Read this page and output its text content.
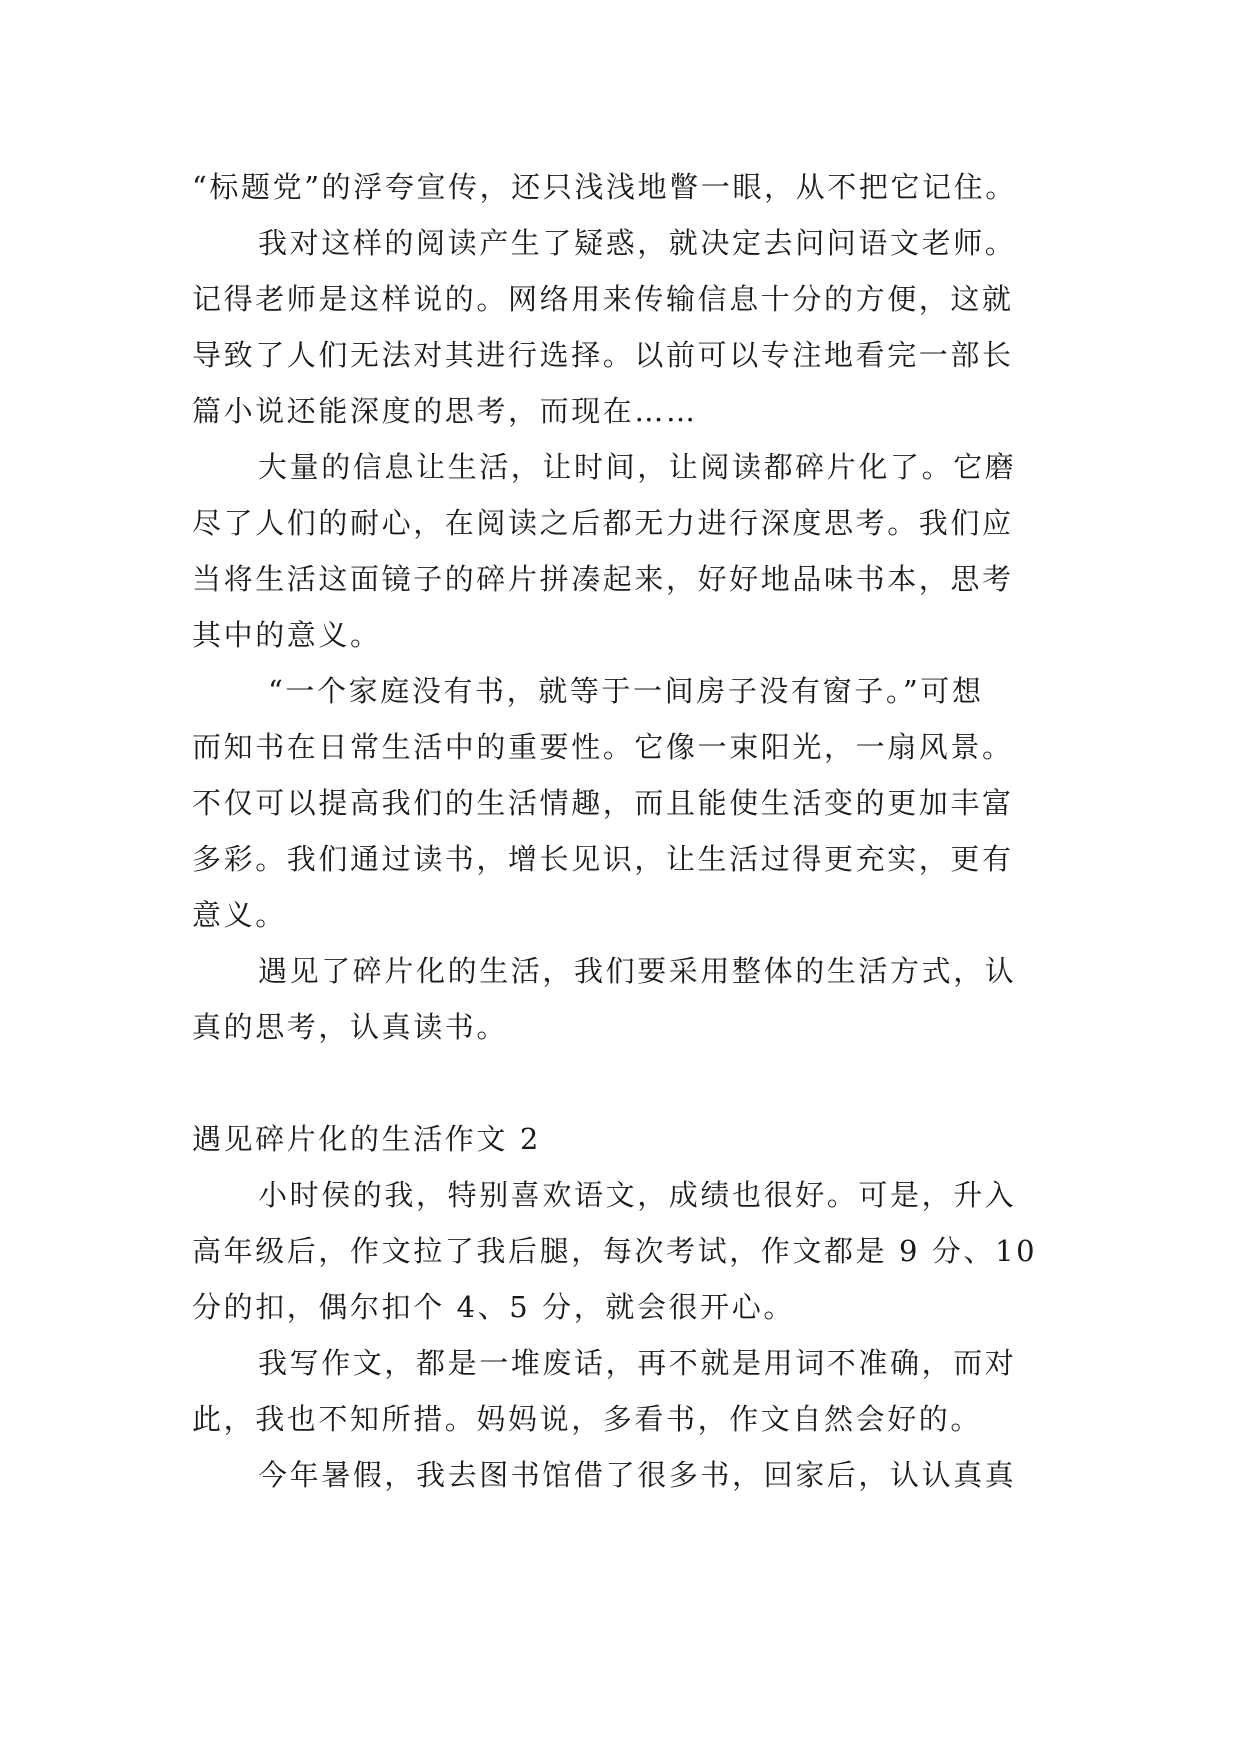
“标题党”的浮夸宣传，还只浅浅地瞥一眼，从不把它记住。

我对这样的阅读产生了疑惑，就决定去问问语文老师。

记得老师是这样说的。网络用来传输信息十分的方便，这就

导致了人们无法对其进行选择。以前可以专注地看完一部长

篇小说还能深度的思考，而现在……

大量的信息让生活，让时间，让阅读都碎片化了。它磨

尽了人们的耐心，在阅读之后都无力进行深度思考。我们应

当将生活这面镜子的碎片拼凑起来，好好地品味书本，思考

其中的意义。

“一个家庭没有书，就等于一间房子没有窗子。”可想

而知书在日常生活中的重要性。它像一束阳光，一扇风景。

不仅可以提高我们的生活情趣，而且能使生活变的更加丰富

多彩。我们通过读书，增长见识，让生活过得更充实，更有

意义。

遇见了碎片化的生活，我们要采用整体的生活方式，认

真的思考，认真读书。

遇见碎片化的生活作文 2

小时侯的我，特别喜欢语文，成绩也很好。可是，升入

高年级后，作文拉了我后腿，每次考试，作文都是 9 分、10

分的扣，偶尔扣个 4、5 分，就会很开心。

我写作文，都是一堆废话，再不就是用词不准确，而对

此，我也不知所措。妈妈说，多看书，作文自然会好的。

今年暑假，我去图书馆借了很多书，回家后，认认真真
